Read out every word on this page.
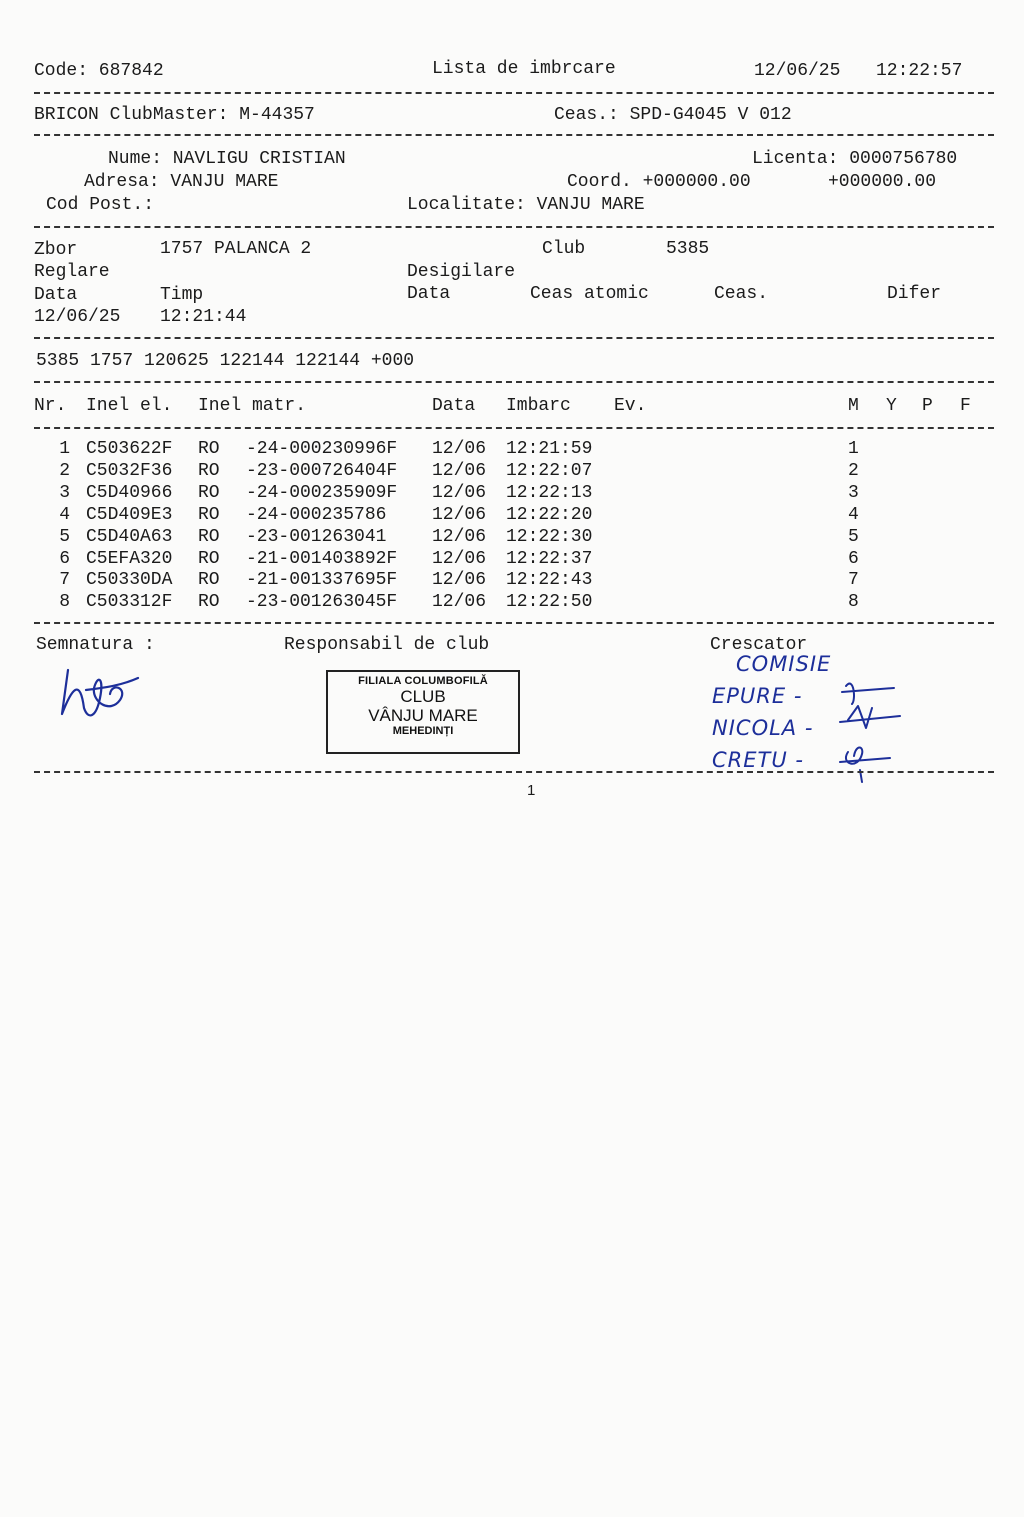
Code: 687842	Lista de imbrcare	12/06/25 12:22:57
BRICON ClubMaster: M-44357	Ceas.: SPD-G4045 V 012
Nume: NAVLIGU CRISTIAN	Licenta: 0000756780
Adresa: VANJU MARE	Coord. +000000.00	+000000.00
Cod Post.:	Localitate: VANJU MARE
Zbor	1757 PALANCA 2	Club	5385
Reglare	Desigilare
Data	Timp	Data	Ceas atomic	Ceas.	Difer
12/06/25 12:21:44
5385 1757 120625 122144 122144 +000
Nr. Inel el. Inel matr.	Data Imbarc Ev.	M Y P F
1 C503622F RO -24-000230996F 12/06 12:21:59	1
2 C5032F36 RO -23-000726404F 12/06 12:22:07	2
3 C5D40966 RO -24-000235909F 12/06 12:22:13	3
4 C5D409E3 RO -24-000235786	12/06 12:22:20	4
5 C5D40A63 RO -23-001263041	12/06 12:22:30	5
6 C5EFA320 RO -21-001403892F 12/06 12:22:37	6
7 C50330DA RO -21-001337695F 12/06 12:22:43	7
8 C503312F RO -23-001263045F 12/06 12:22:50	8
Semnatura :	Responsabil de club	Crescator
FILIALA COLUMBOFILĂ
CLUB
VÂNJU MARE
MEHEDINȚI
COMISIE
EPURE -
NICOLA -
CRETU -
1
